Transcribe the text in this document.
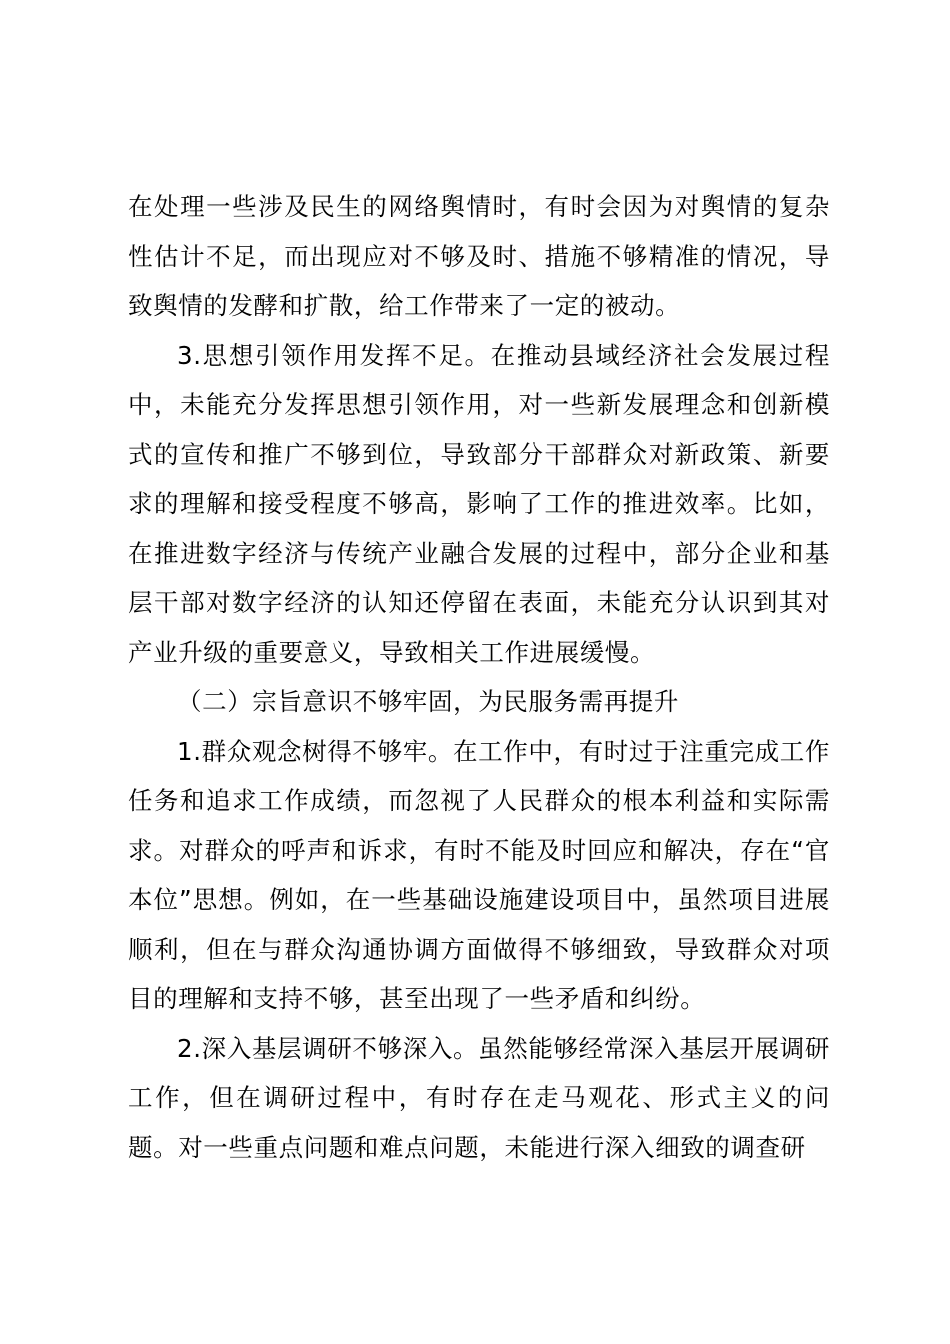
在处理一些涉及民生的网络舆情时，有时会因为对舆情的复杂性估计不足，而出现应对不够及时、措施不够精准的情况，导致舆情的发酵和扩散，给工作带来了一定的被动。

3.思想引领作用发挥不足。在推动县域经济社会发展过程中，未能充分发挥思想引领作用，对一些新发展理念和创新模式的宣传和推广不够到位，导致部分干部群众对新政策、新要求的理解和接受程度不够高，影响了工作的推进效率。比如，在推进数字经济与传统产业融合发展的过程中，部分企业和基层干部对数字经济的认知还停留在表面，未能充分认识到其对产业升级的重要意义，导致相关工作进展缓慢。

（二）宗旨意识不够牢固，为民服务需再提升

1.群众观念树得不够牢。在工作中，有时过于注重完成工作任务和追求工作成绩，而忽视了人民群众的根本利益和实际需求。对群众的呼声和诉求，有时不能及时回应和解决，存在“官本位”思想。例如，在一些基础设施建设项目中，虽然项目进展顺利，但在与群众沟通协调方面做得不够细致，导致群众对项目的理解和支持不够，甚至出现了一些矛盾和纠纷。

2.深入基层调研不够深入。虽然能够经常深入基层开展调研工作，但在调研过程中，有时存在走马观花、形式主义的问题。对一些重点问题和难点问题，未能进行深入细致的调查研
